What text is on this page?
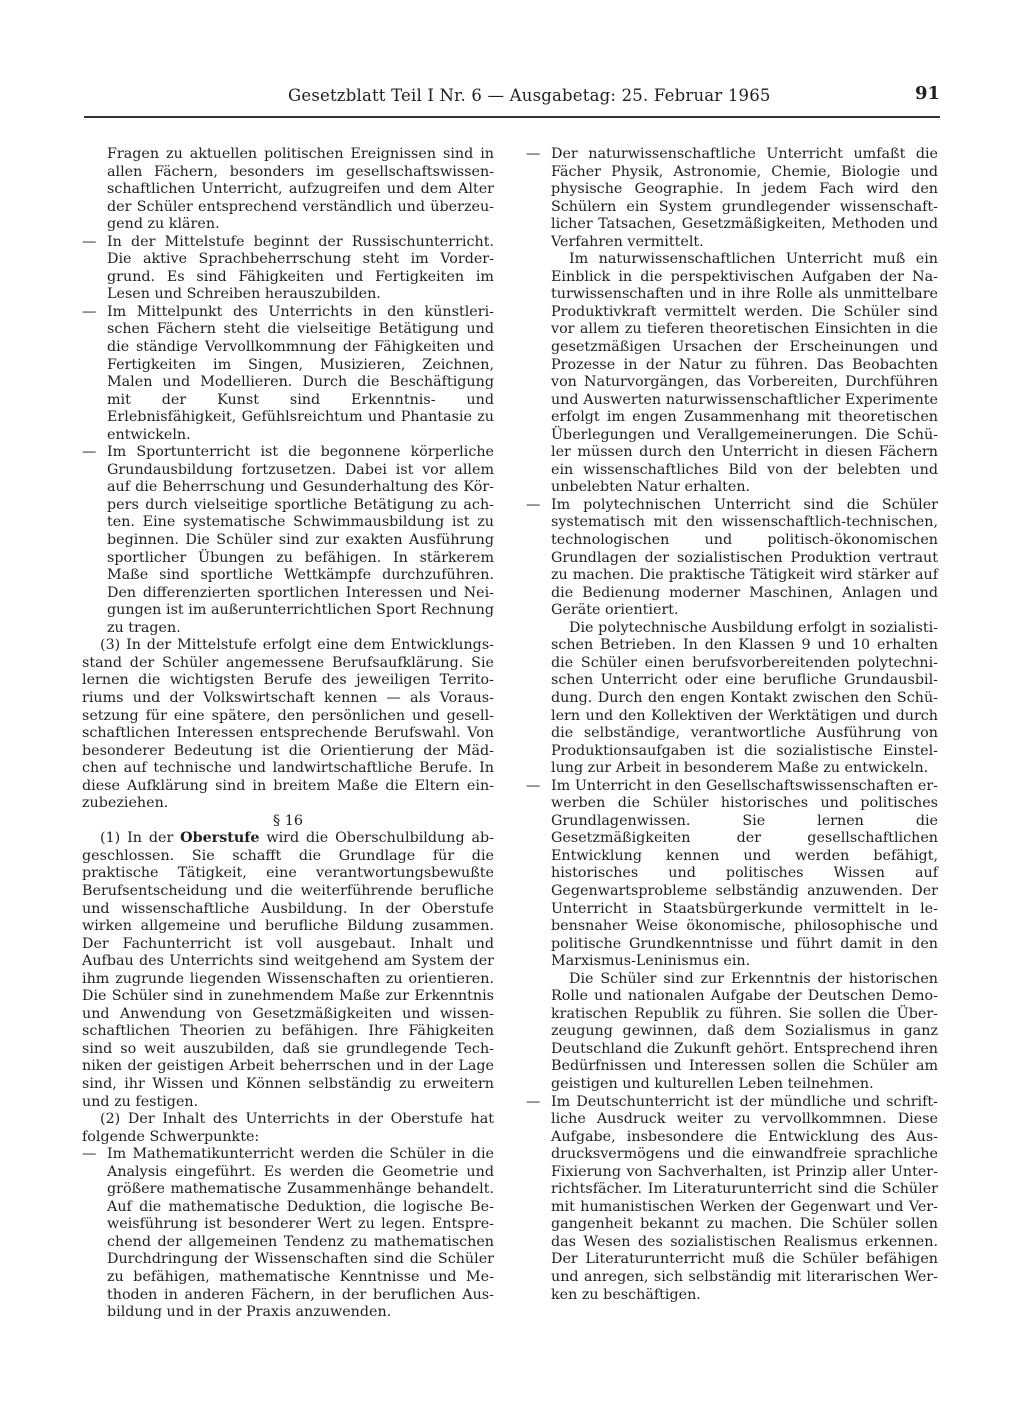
Gesetzblatt Teil I Nr. 6 — Ausgabetag: 25. Februar 1965	91

Fragen zu aktuellen politischen Ereignissen sind in allen Fächern, besonders im gesellschaftswissenschaftlichen Unterricht, aufzugreifen und dem Alter der Schüler entsprechend verständlich und überzeugend zu klären.

— In der Mittelstufe beginnt der Russischunterricht. Die aktive Sprachbeherrschung steht im Vordergrund. Es sind Fähigkeiten und Fertigkeiten im Lesen und Schreiben herauszubilden.

— Im Mittelpunkt des Unterrichts in den künstlerischen Fächern steht die vielseitige Betätigung und die ständige Vervollkommnung der Fähigkeiten und Fertigkeiten im Singen, Musizieren, Zeichnen, Malen und Modellieren. Durch die Beschäftigung mit der Kunst sind Erkenntnis- und Erlebnisfähigkeit, Gefühlsreichtum und Phantasie zu entwickeln.

— Im Sportunterricht ist die begonnene körperliche Grundausbildung fortzusetzen. Dabei ist vor allem auf die Beherrschung und Gesunderhaltung des Körpers durch vielseitige sportliche Betätigung zu achten. Eine systematische Schwimmausbildung ist zu beginnen. Die Schüler sind zur exakten Ausführung sportlicher Übungen zu befähigen. In stärkerem Maße sind sportliche Wettkämpfe durchzuführen. Den differenzierten sportlichen Interessen und Neigungen ist im außerunterrichtlichen Sport Rechnung zu tragen.

(3) In der Mittelstufe erfolgt eine dem Entwicklungsstand der Schüler angemessene Berufsaufklärung. Sie lernen die wichtigsten Berufe des jeweiligen Territoriums und der Volkswirtschaft kennen — als Voraussetzung für eine spätere, den persönlichen und gesellschaftlichen Interessen entsprechende Berufswahl. Von besonderer Bedeutung ist die Orientierung der Mädchen auf technische und landwirtschaftliche Berufe. In diese Aufklärung sind in breitem Maße die Eltern einzubeziehen.

§ 16

(1) In der Oberstufe wird die Oberschulbildung abgeschlossen. Sie schafft die Grundlage für die praktische Tätigkeit, eine verantwortungsbewußte Berufsentscheidung und die weiterführende berufliche und wissenschaftliche Ausbildung. In der Oberstufe wirken allgemeine und berufliche Bildung zusammen. Der Fachunterricht ist voll ausgebaut. Inhalt und Aufbau des Unterrichts sind weitgehend am System der ihm zugrunde liegenden Wissenschaften zu orientieren. Die Schüler sind in zunehmendem Maße zur Erkenntnis und Anwendung von Gesetzmäßigkeiten und wissenschaftlichen Theorien zu befähigen. Ihre Fähigkeiten sind so weit auszubilden, daß sie grundlegende Techniken der geistigen Arbeit beherrschen und in der Lage sind, ihr Wissen und Können selbständig zu erweitern und zu festigen.

(2) Der Inhalt des Unterrichts in der Oberstufe hat folgende Schwerpunkte:

— Im Mathematikunterricht werden die Schüler in die Analysis eingeführt. Es werden die Geometrie und größere mathematische Zusammenhänge behandelt. Auf die mathematische Deduktion, die logische Beweisführung ist besonderer Wert zu legen. Entsprechend der allgemeinen Tendenz zu mathematischen Durchdringung der Wissenschaften sind die Schüler zu befähigen, mathematische Kenntnisse und Methoden in anderen Fächern, in der beruflichen Ausbildung und in der Praxis anzuwenden.

— Der naturwissenschaftliche Unterricht umfaßt die Fächer Physik, Astronomie, Chemie, Biologie und physische Geographie. In jedem Fach wird den Schülern ein System grundlegender wissenschaftlicher Tatsachen, Gesetzmäßigkeiten, Methoden und Verfahren vermittelt.

Im naturwissenschaftlichen Unterricht muß ein Einblick in die perspektivischen Aufgaben der Naturwissenschaften und in ihre Rolle als unmittelbare Produktivkraft vermittelt werden. Die Schüler sind vor allem zu tieferen theoretischen Einsichten in die gesetzmäßigen Ursachen der Erscheinungen und Prozesse in der Natur zu führen. Das Beobachten von Naturvorgängen, das Vorbereiten, Durchführen und Auswerten naturwissenschaftlicher Experimente erfolgt im engen Zusammenhang mit theoretischen Überlegungen und Verallgemeinerungen. Die Schüler müssen durch den Unterricht in diesen Fächern ein wissenschaftliches Bild von der belebten und unbelebten Natur erhalten.

— Im polytechnischen Unterricht sind die Schüler systematisch mit den wissenschaftlich-technischen, technologischen und politisch-ökonomischen Grundlagen der sozialistischen Produktion vertraut zu machen. Die praktische Tätigkeit wird stärker auf die Bedienung moderner Maschinen, Anlagen und Geräte orientiert.

Die polytechnische Ausbildung erfolgt in sozialistischen Betrieben. In den Klassen 9 und 10 erhalten die Schüler einen berufsvorbereitenden polytechnischen Unterricht oder eine berufliche Grundausbildung. Durch den engen Kontakt zwischen den Schülern und den Kollektiven der Werktätigen und durch die selbständige, verantwortliche Ausführung von Produktionsaufgaben ist die sozialistische Einstellung zur Arbeit in besonderem Maße zu entwickeln.

— Im Unterricht in den Gesellschaftswissenschaften erwerben die Schüler historisches und politisches Grundlagenwissen. Sie lernen die Gesetzmäßigkeiten der gesellschaftlichen Entwicklung kennen und werden befähigt, historisches und politisches Wissen auf Gegenwartsprobleme selbständig anzuwenden. Der Unterricht in Staatsbürgerkunde vermittelt in lebensnaher Weise ökonomische, philosophische und politische Grundkenntnisse und führt damit in den Marxismus-Leninismus ein.

Die Schüler sind zur Erkenntnis der historischen Rolle und nationalen Aufgabe der Deutschen Demokratischen Republik zu führen. Sie sollen die Überzeugung gewinnen, daß dem Sozialismus in ganz Deutschland die Zukunft gehört. Entsprechend ihren Bedürfnissen und Interessen sollen die Schüler am geistigen und kulturellen Leben teilnehmen.

— Im Deutschunterricht ist der mündliche und schriftliche Ausdruck weiter zu vervollkommnen. Diese Aufgabe, insbesondere die Entwicklung des Ausdrucksvermögens und die einwandfreie sprachliche Fixierung von Sachverhalten, ist Prinzip aller Unterrichtsfächer. Im Literaturunterricht sind die Schüler mit humanistischen Werken der Gegenwart und Vergangenheit bekannt zu machen. Die Schüler sollen das Wesen des sozialistischen Realismus erkennen. Der Literaturunterricht muß die Schüler befähigen und anregen, sich selbständig mit literarischen Werken zu beschäftigen.
